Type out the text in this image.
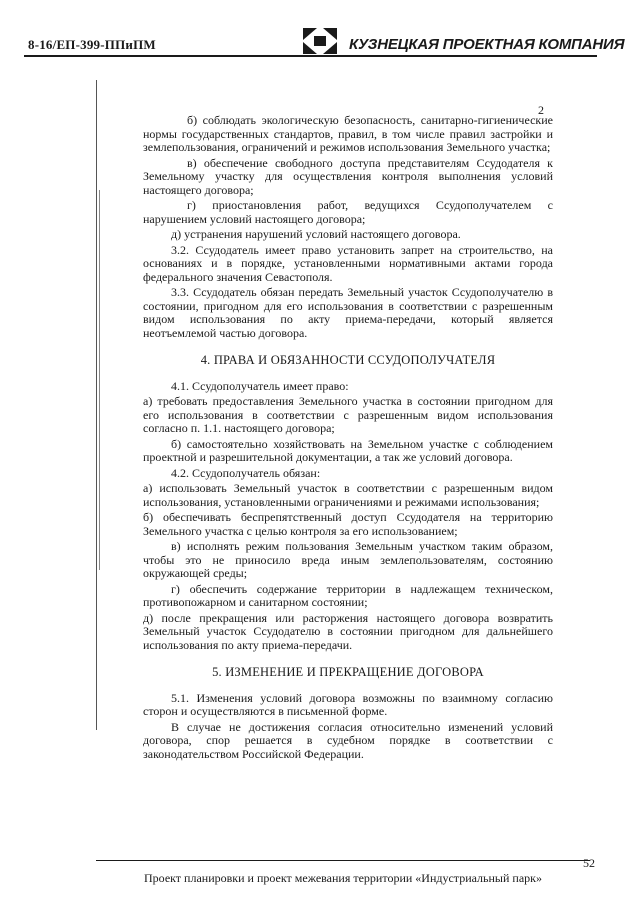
8-16/ЕП-399-ППиПМ	КУЗНЕЦКАЯ ПРОЕКТНАЯ КОМПАНИЯ
2

б) соблюдать экологическую безопасность, санитарно-гигиенические нормы государственных стандартов, правил, в том числе правил застройки и землепользования, ограничений и режимов использования Земельного участка;

в) обеспечение свободного доступа представителям Ссудодателя к Земельному участку для осуществления контроля выполнения условий настоящего договора;

г) приостановления работ, ведущихся Ссудополучателем с нарушением условий настоящего договора;

д) устранения нарушений условий настоящего договора.

3.2. Ссудодатель имеет право установить запрет на строительство, на основаниях и в порядке, установленными нормативными актами города федерального значения Севастополя.

3.3. Ссудодатель обязан передать Земельный участок Ссудополучателю в состоянии, пригодном для его использования в соответствии с разрешенным видом использования по акту приема-передачи, который является неотъемлемой частью договора.

4. ПРАВА И ОБЯЗАННОСТИ ССУДОПОЛУЧАТЕЛЯ

4.1. Ссудополучатель имеет право:

а) требовать предоставления Земельного участка в состоянии пригодном для его использования в соответствии с разрешенным видом использования согласно п. 1.1. настоящего договора;

б) самостоятельно хозяйствовать на Земельном участке с соблюдением проектной и разрешительной документации, а так же условий договора.

4.2. Ссудополучатель обязан:

а) использовать Земельный участок в соответствии с разрешенным видом использования, установленными ограничениями и режимами использования;

б) обеспечивать беспрепятственный доступ Ссудодателя на территорию Земельного участка с целью контроля за его использованием;

в) исполнять режим пользования Земельным участком таким образом, чтобы это не приносило вреда иным землепользователям, состоянию окружающей среды;

г) обеспечить содержание территории в надлежащем техническом, противопожарном и санитарном состоянии;

д) после прекращения или расторжения настоящего договора возвратить Земельный участок Ссудодателю в состоянии пригодном для дальнейшего использования по акту приема-передачи.

5. ИЗМЕНЕНИЕ И ПРЕКРАЩЕНИЕ ДОГОВОРА

5.1. Изменения условий договора возможны по взаимному согласию сторон и осуществляются в письменной форме.

В случае не достижения согласия относительно изменений условий договора, спор решается в судебном порядке в соответствии с законодательством Российской Федерации.

52
Проект планировки и проект межевания территории «Индустриальный парк»
